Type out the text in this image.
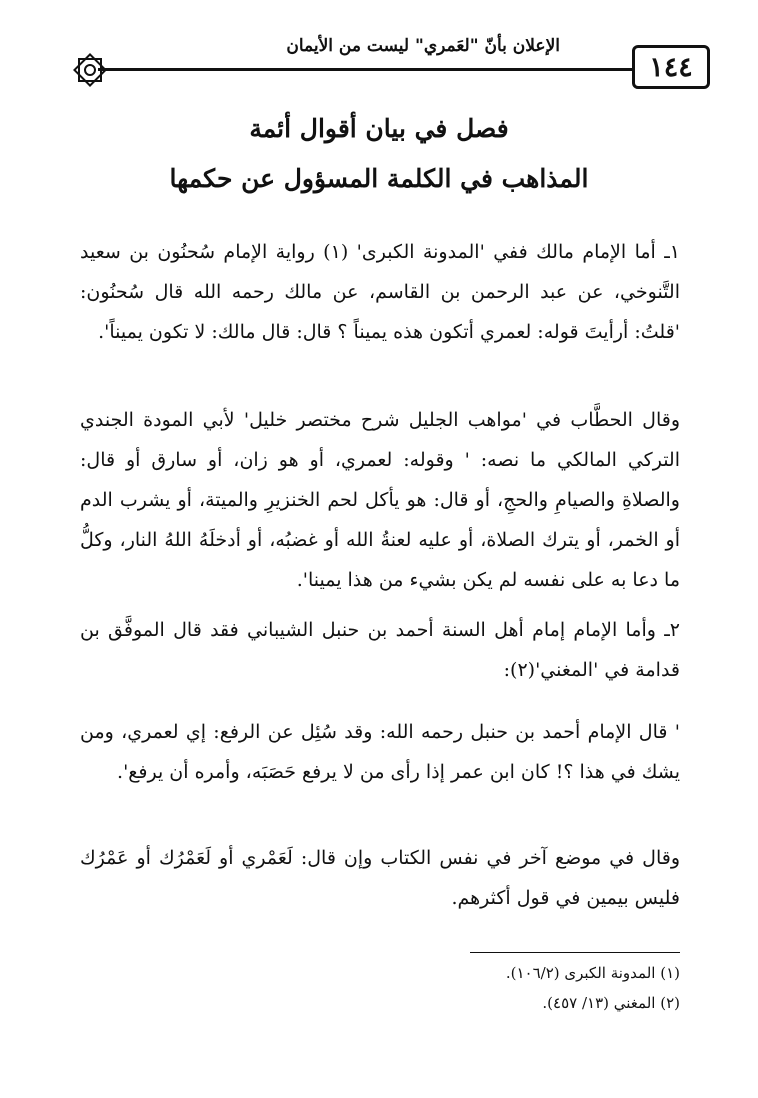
١٤٤
الإعلان بأنّ "لعَمري" ليست من الأيمان
فصل في بيان أقوال أئمة
المذاهب في الكلمة المسؤول عن حكمها
١ـ أما الإمام مالك ففي 'المدونة الكبرى' (١) رواية الإمام سُحنُون بن سعيد التَّنوخي، عن عبد الرحمن بن القاسم، عن مالك رحمه الله قال سُحنُون: 'قلتُ: أرأيتَ قوله: لعمري أتكون هذه يميناً ؟ قال: قال مالك: لا تكون يميناً'.
وقال الحطَّاب في 'مواهب الجليل شرح مختصر خليل' لأبي المودة الجندي التركي المالكي ما نصه: ' وقوله: لعمري، أو هو زان، أو سارق أو قال: والصلاةِ والصيامِ والحجِ، أو قال: هو يأكل لحم الخنزيرِ والميتة، أو يشرب الدم أو الخمر، أو يترك الصلاة، أو عليه لعنةُ الله أو غضبُه، أو أدخلَهُ اللهُ النار، وكلُّ ما دعا به على نفسه لم يكن بشيء من هذا يمينا'.
٢ـ وأما الإمام إمام أهل السنة أحمد بن حنبل الشيباني فقد قال الموفَّق بن قدامة في 'المغني'(٢):
' قال الإمام أحمد بن حنبل رحمه الله: وقد سُئِل عن الرفع: إي لعمري، ومن يشك في هذا ؟! كان ابن عمر إذا رأى من لا يرفع حَصَبَه، وأمره أن يرفع'.
وقال في موضع آخر في نفس الكتاب وإن قال: لَعَمْري أو لَعَمْرُك أو عَمْرُك فليس بيمين في قول أكثرهم.
(١) المدونة الكبرى (١٠٦/٢).
(٢) المغني (١٣/ ٤٥٧).
